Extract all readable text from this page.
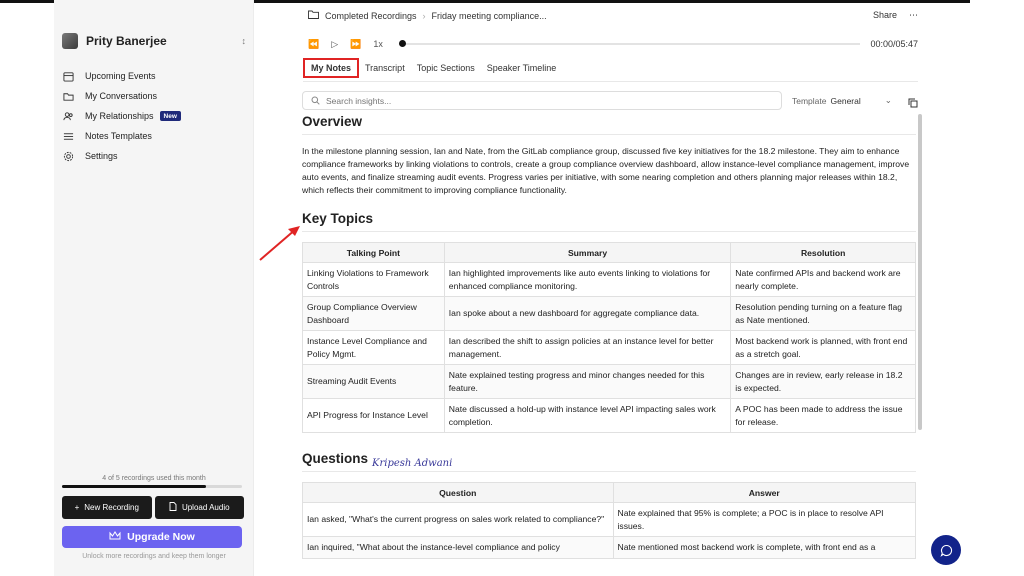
Prity Banerjee	↕
Upcoming Events
My Conversations
My Relationships	New
Notes Templates
Settings
4 of 5 recordings used this month
+ New Recording	Upload Audio
Upgrade Now
Unlock more recordings and keep them longer
Completed Recordings › Friday meeting compliance...	Share ⋯
⏪ ▷ ⏩ 1x	00:00/05:47
My Notes	Transcript	Topic Sections	Speaker Timeline
Search insights...
Template General	⌄
Overview

In the milestone planning session, Ian and Nate, from the GitLab compliance group, discussed five key initiatives for the 18.2 milestone. They aim to enhance compliance frameworks by linking violations to controls, create a group compliance overview dashboard, allow instance-level compliance management, improve auto events, and finalize streaming audit events. Progress varies per initiative, with some nearing completion and others planning major releases within 18.2, which reflects their commitment to improving compliance functionality.

Key Topics
Talking Point	Summary	Resolution
Linking Violations to Framework Controls	Ian highlighted improvements like auto events linking to violations for enhanced compliance monitoring.	Nate confirmed APIs and backend work are nearly complete.
Group Compliance Overview Dashboard	Ian spoke about a new dashboard for aggregate compliance data.	Resolution pending turning on a feature flag as Nate mentioned.
Instance Level Compliance and Policy Mgmt.	Ian described the shift to assign policies at an instance level for better management.	Most backend work is planned, with front end as a stretch goal.
Streaming Audit Events	Nate explained testing progress and minor changes needed for this feature.	Changes are in review, early release in 18.2 is expected.
API Progress for Instance Level	Nate discussed a hold-up with instance level API impacting sales work completion.	A POC has been made to address the issue for release.
Questions
Question	Answer
Ian asked, "What's the current progress on sales work related to compliance?"	Nate explained that 95% is complete; a POC is in place to resolve API issues.
Ian inquired, "What about the instance-level compliance and policy	Nate mentioned most backend work is complete, with front end as a
Kripesh Adwani
